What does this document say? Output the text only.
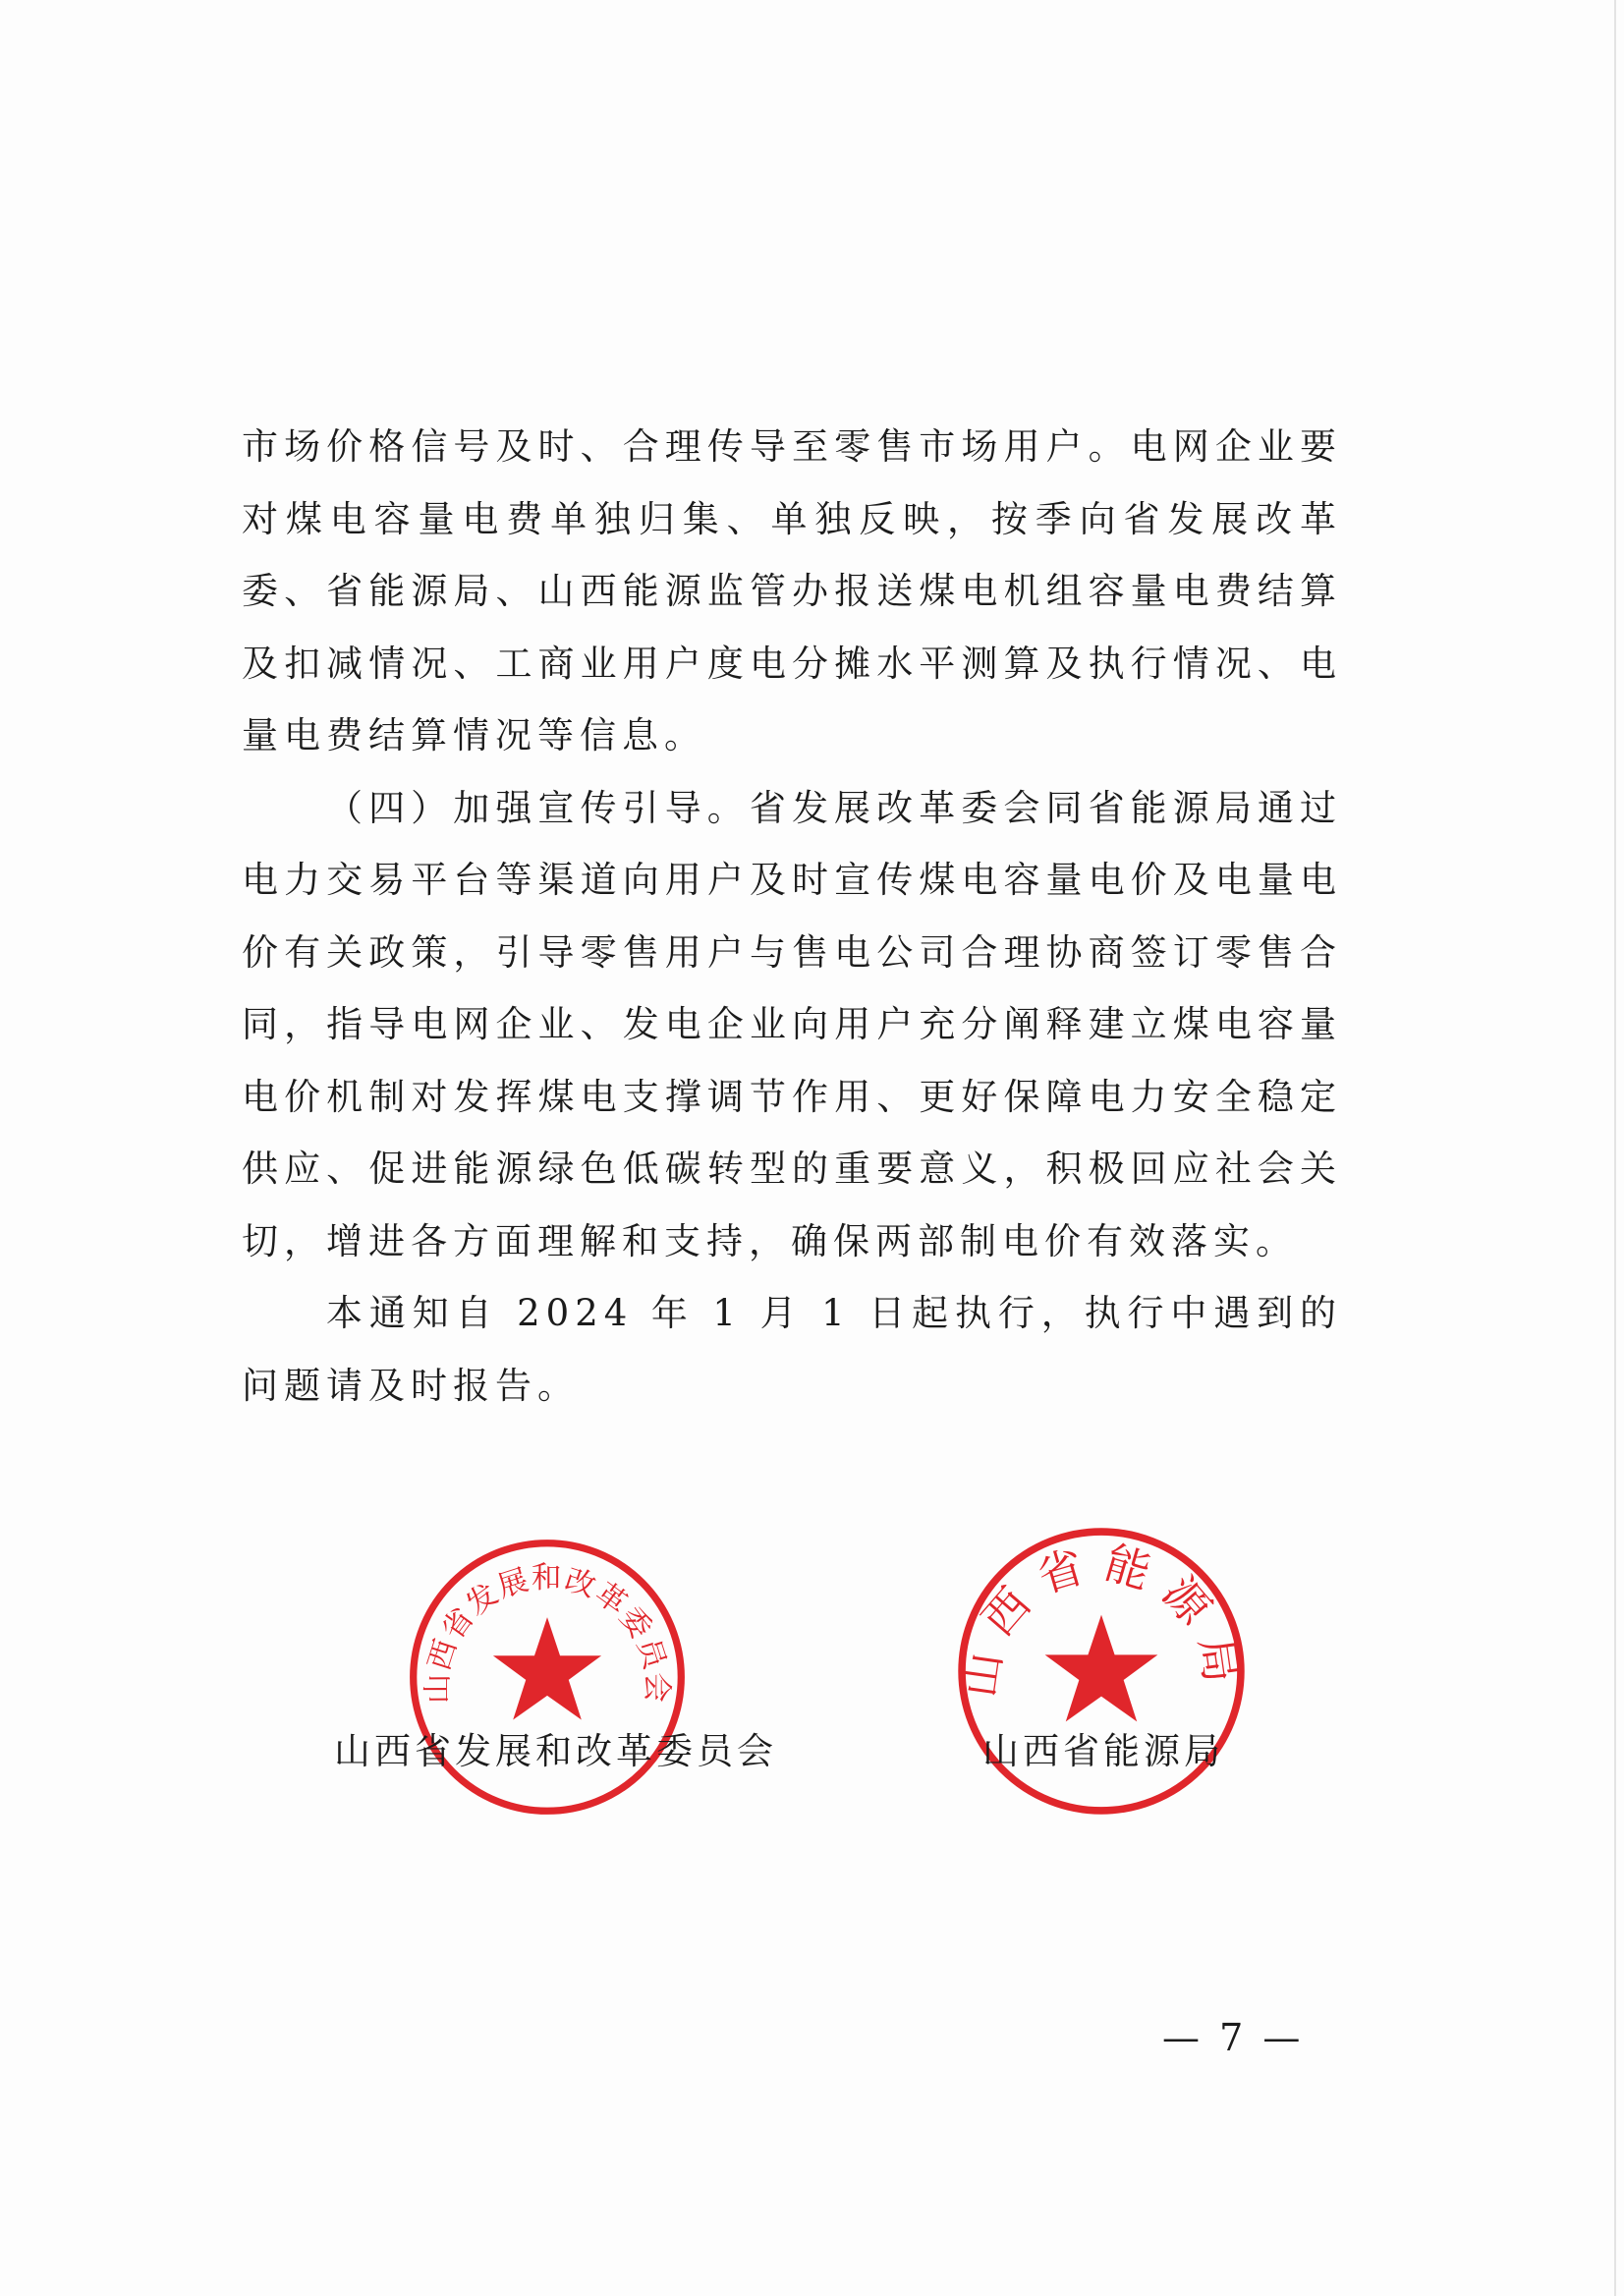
市场价格信号及时、合理传导至零售市场用户。电网企业要对煤电容量电费单独归集、单独反映，按季向省发展改革委、省能源局、山西能源监管办报送煤电机组容量电费结算及扣减情况、工商业用户度电分摊水平测算及执行情况、电量电费结算情况等信息。

（四）加强宣传引导。省发展改革委会同省能源局通过电力交易平台等渠道向用户及时宣传煤电容量电价及电量电价有关政策，引导零售用户与售电公司合理协商签订零售合同，指导电网企业、发电企业向用户充分阐释建立煤电容量电价机制对发挥煤电支撑调节作用、更好保障电力安全稳定供应、促进能源绿色低碳转型的重要意义，积极回应社会关切，增进各方面理解和支持，确保两部制电价有效落实。

本通知自 2024 年 1 月 1 日起执行，执行中遇到的问题请及时报告。

山西省发展和改革委员会	山西省能源局
山西省发展和改革委员会	山西省能源局
— 7 —
